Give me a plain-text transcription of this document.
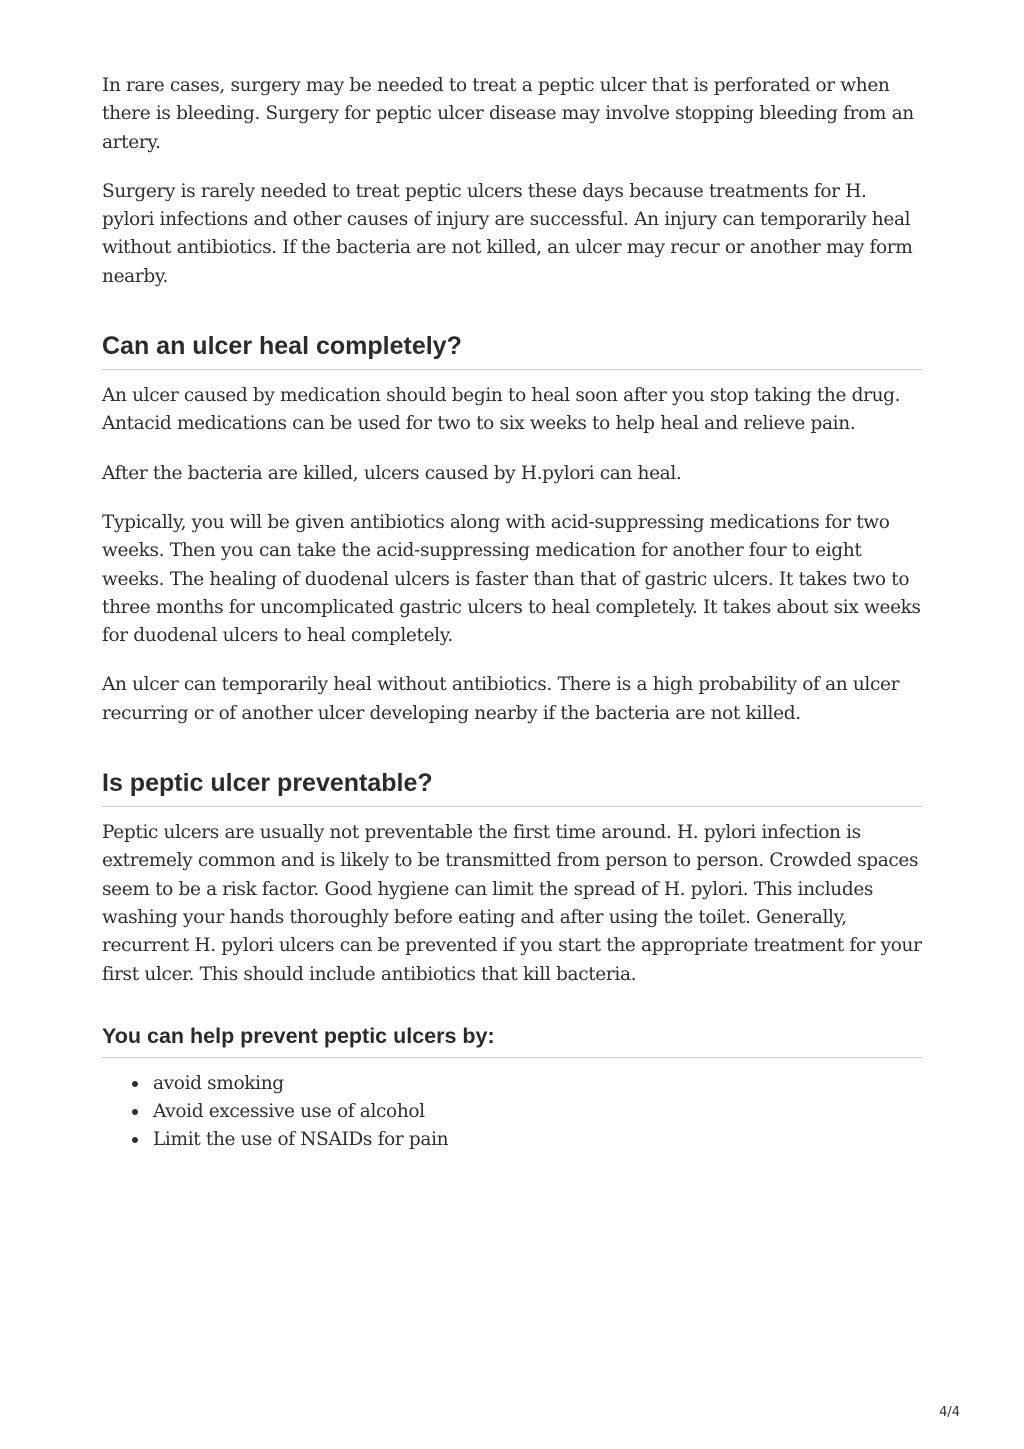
In rare cases, surgery may be needed to treat a peptic ulcer that is perforated or when there is bleeding. Surgery for peptic ulcer disease may involve stopping bleeding from an artery.

Surgery is rarely needed to treat peptic ulcers these days because treatments for H. pylori infections and other causes of injury are successful. An injury can temporarily heal without antibiotics. If the bacteria are not killed, an ulcer may recur or another may form nearby.

Can an ulcer heal completely?

An ulcer caused by medication should begin to heal soon after you stop taking the drug. Antacid medications can be used for two to six weeks to help heal and relieve pain.

After the bacteria are killed, ulcers caused by H.pylori can heal.

Typically, you will be given antibiotics along with acid-suppressing medications for two weeks. Then you can take the acid-suppressing medication for another four to eight weeks. The healing of duodenal ulcers is faster than that of gastric ulcers. It takes two to three months for uncomplicated gastric ulcers to heal completely. It takes about six weeks for duodenal ulcers to heal completely.

An ulcer can temporarily heal without antibiotics. There is a high probability of an ulcer recurring or of another ulcer developing nearby if the bacteria are not killed.

Is peptic ulcer preventable?

Peptic ulcers are usually not preventable the first time around. H. pylori infection is extremely common and is likely to be transmitted from person to person. Crowded spaces seem to be a risk factor. Good hygiene can limit the spread of H. pylori. This includes washing your hands thoroughly before eating and after using the toilet. Generally, recurrent H. pylori ulcers can be prevented if you start the appropriate treatment for your first ulcer. This should include antibiotics that kill bacteria.

You can help prevent peptic ulcers by:
avoid smoking
Avoid excessive use of alcohol
Limit the use of NSAIDs for pain
4/4
